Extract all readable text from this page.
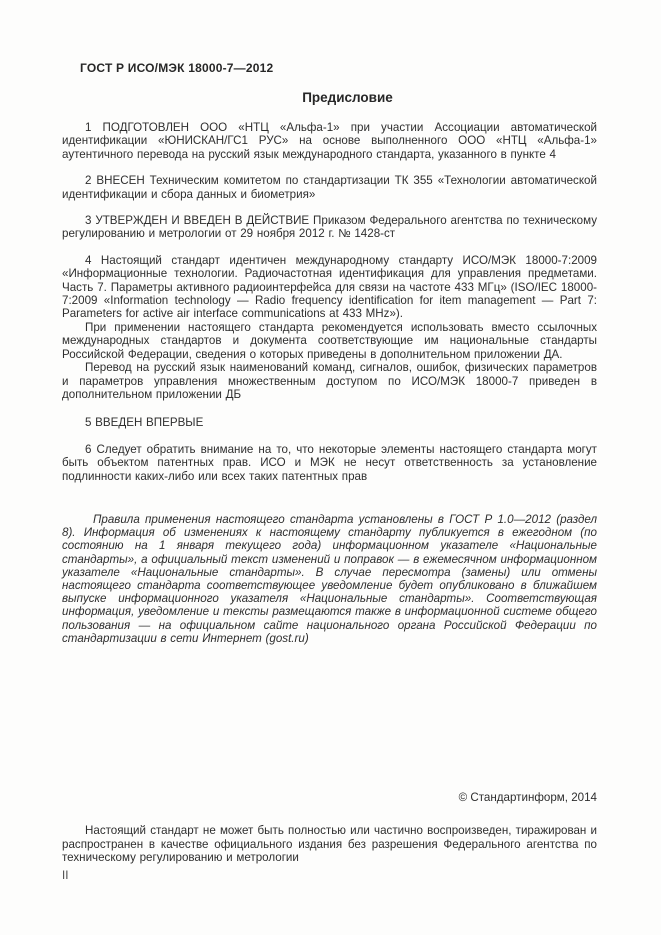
ГОСТ Р ИСО/МЭК 18000-7—2012
Предисловие

1 ПОДГОТОВЛЕН ООО «НТЦ «Альфа-1» при участии Ассоциации автоматической идентификации «ЮНИСКАН/ГС1 РУС» на основе выполненного ООО «НТЦ «Альфа-1» аутентичного перевода на русский язык международного стандарта, указанного в пункте 4

2 ВНЕСЕН Техническим комитетом по стандартизации ТК 355 «Технологии автоматической идентификации и сбора данных и биометрия»

3 УТВЕРЖДЕН И ВВЕДЕН В ДЕЙСТВИЕ Приказом Федерального агентства по техническому регулированию и метрологии от 29 ноября 2012 г. № 1428-ст

4 Настоящий стандарт идентичен международному стандарту ИСО/МЭК 18000-7:2009 «Информационные технологии. Радиочастотная идентификация для управления предметами. Часть 7. Параметры активного радиоинтерфейса для связи на частоте 433 МГц» (ISO/IEC 18000-7:2009 «Information technology — Radio frequency identification for item management — Part 7: Parameters for active air interface communications at 433 MHz»).

При применении настоящего стандарта рекомендуется использовать вместо ссылочных международных стандартов и документа соответствующие им национальные стандарты Российской Федерации, сведения о которых приведены в дополнительном приложении ДА.

Перевод на русский язык наименований команд, сигналов, ошибок, физических параметров и параметров управления множественным доступом по ИСО/МЭК 18000-7 приведен в дополнительном приложении ДБ

5 ВВЕДЕН ВПЕРВЫЕ

6 Следует обратить внимание на то, что некоторые элементы настоящего стандарта могут быть объектом патентных прав. ИСО и МЭК не несут ответственность за установление подлинности каких-либо или всех таких патентных прав

Правила применения настоящего стандарта установлены в ГОСТ Р 1.0—2012 (раздел 8). Информация об изменениях к настоящему стандарту публикуется в ежегодном (по состоянию на 1 января текущего года) информационном указателе «Национальные стандарты», а официальный текст изменений и поправок — в ежемесячном информационном указателе «Национальные стандарты». В случае пересмотра (замены) или отмены настоящего стандарта соответствующее уведомление будет опубликовано в ближайшем выпуске информационного указателя «Национальные стандарты». Соответствующая информация, уведомление и тексты размещаются также в информационной системе общего пользования — на официальном сайте национального органа Российской Федерации по стандартизации в сети Интернет (gost.ru)

© Стандартинформ, 2014

Настоящий стандарт не может быть полностью или частично воспроизведен, тиражирован и распространен в качестве официального издания без разрешения Федерального агентства по техническому регулированию и метрологии

II
